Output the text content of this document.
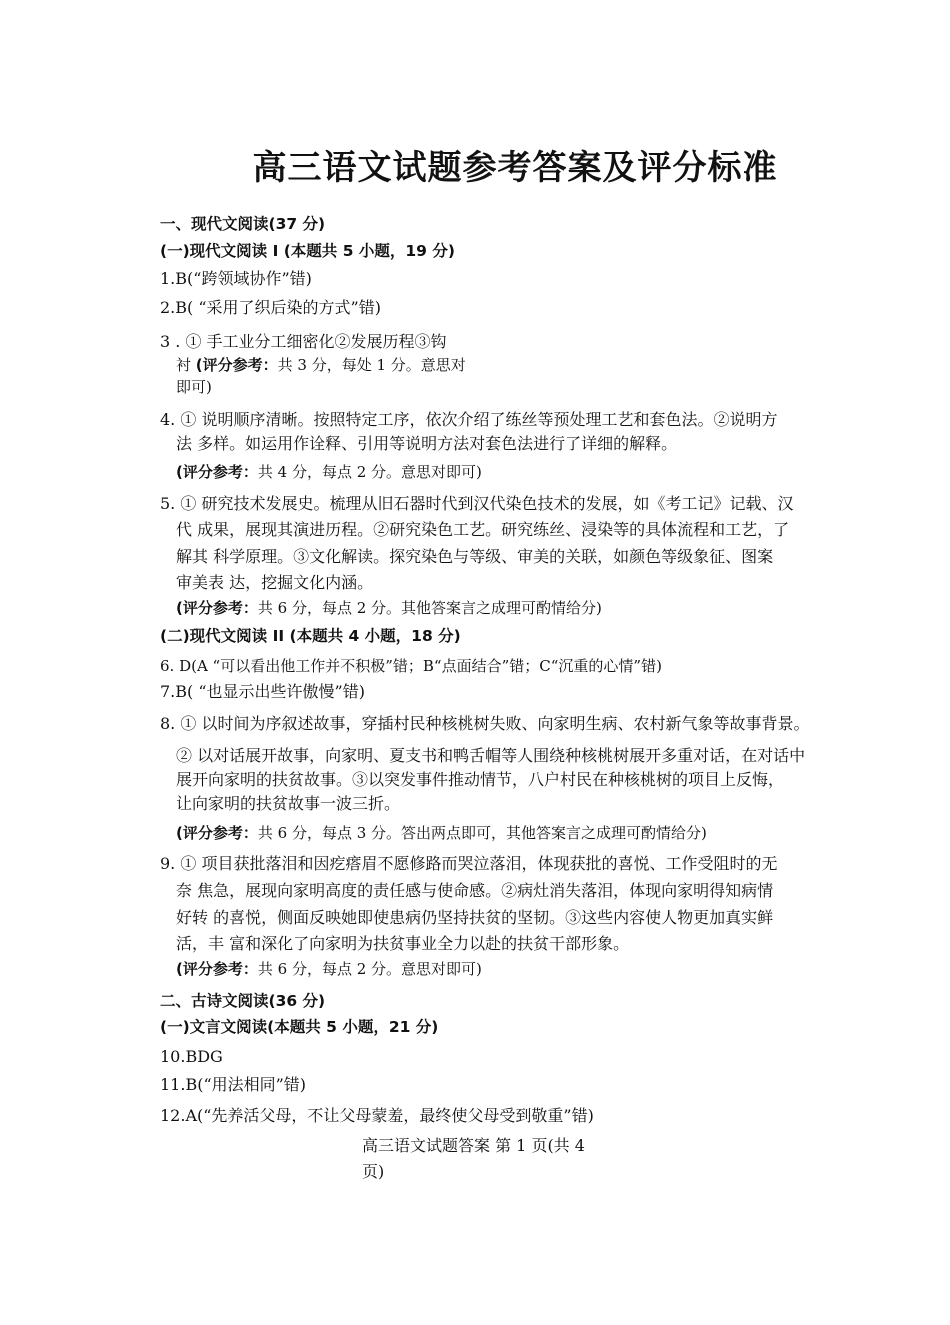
高三语文试题参考答案及评分标准
一、现代文阅读(37 分)
(一)现代文阅读 I (本题共 5 小题，19 分)
1.B(“跨领域协作”错)
2.B( “采用了织后染的方式”错)
3 . ① 手工业分工细密化②发展历程③钩
衬 (评分参考：共 3 分，每处 1 分。意思对
即可)
4. ① 说明顺序清晰。按照特定工序，依次介绍了练丝等预处理工艺和套色法。②说明方
法 多样。如运用作诠释、引用等说明方法对套色法进行了详细的解释。
(评分参考：共 4 分，每点 2 分。意思对即可)
5. ① 研究技术发展史。梳理从旧石器时代到汉代染色技术的发展，如《考工记》记载、汉
代 成果，展现其演进历程。②研究染色工艺。研究练丝、浸染等的具体流程和工艺，了
解其 科学原理。③文化解读。探究染色与等级、审美的关联，如颜色等级象征、图案
审美表 达，挖掘文化内涵。
(评分参考：共 6 分，每点 2 分。其他答案言之成理可酌情给分)
(二)现代文阅读 II (本题共 4 小题，18 分)
6. D(A “可以看出他工作并不积极”错；B“点面结合”错；C“沉重的心情”错)
7.B( “也显示出些许傲慢”错)
8. ① 以时间为序叙述故事，穿插村民种核桃树失败、向家明生病、农村新气象等故事背景。
② 以对话展开故事，向家明、夏支书和鸭舌帽等人围绕种核桃树展开多重对话，在对话中
展开向家明的扶贫故事。③以突发事件推动情节，八户村民在种核桃树的项目上反悔，
让向家明的扶贫故事一波三折。
(评分参考：共 6 分，每点 3 分。答出两点即可，其他答案言之成理可酌情给分)
9. ① 项目获批落泪和因疙瘩眉不愿修路而哭泣落泪，体现获批的喜悦、工作受阻时的无
奈 焦急，展现向家明高度的责任感与使命感。②病灶消失落泪，体现向家明得知病情
好转 的喜悦，侧面反映她即使患病仍坚持扶贫的坚韧。③这些内容使人物更加真实鲜
活，丰 富和深化了向家明为扶贫事业全力以赴的扶贫干部形象。
(评分参考：共 6 分，每点 2 分。意思对即可)
二、古诗文阅读(36 分)
(一)文言文阅读(本题共 5 小题，21 分)
10.BDG
11.B(“用法相同”错)
12.A(“先养活父母，不让父母蒙羞，最终使父母受到敬重”错)
高三语文试题答案 第 1 页(共 4
页)
